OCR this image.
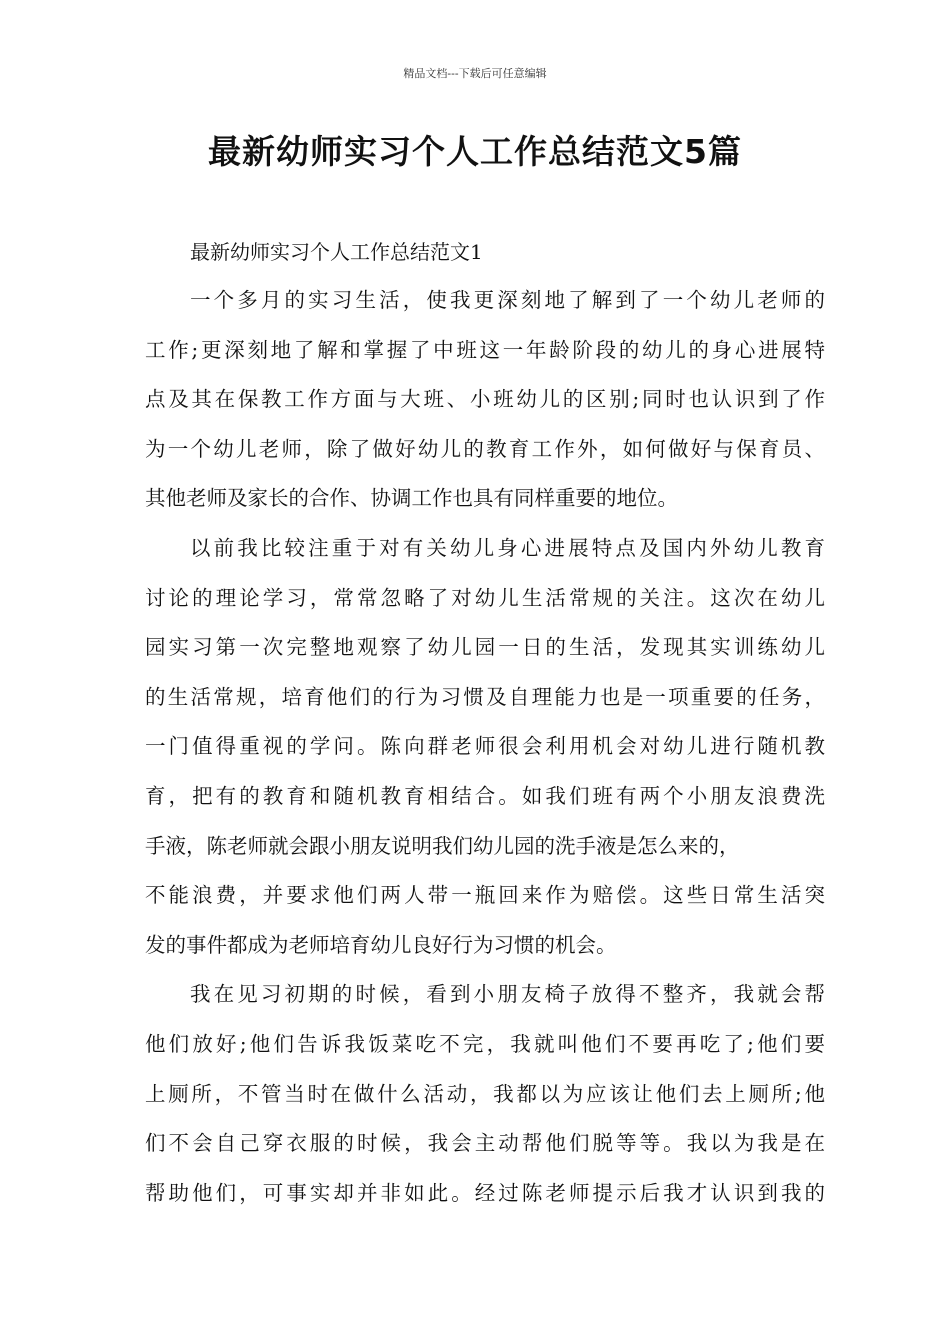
精品文档---下载后可任意编辑
最新幼师实习个人工作总结范文5篇
最新幼师实习个人工作总结范文1

一个多月的实习生活，使我更深刻地了解到了一个幼儿老师的
工作;更深刻地了解和掌握了中班这一年龄阶段的幼儿的身心进展特
点及其在保教工作方面与大班、小班幼儿的区别;同时也认识到了作
为一个幼儿老师，除了做好幼儿的教育工作外，如何做好与保育员、
其他老师及家长的合作、协调工作也具有同样重要的地位。

以前我比较注重于对有关幼儿身心进展特点及国内外幼儿教育
讨论的理论学习，常常忽略了对幼儿生活常规的关注。这次在幼儿
园实习第一次完整地观察了幼儿园一日的生活，发现其实训练幼儿
的生活常规，培育他们的行为习惯及自理能力也是一项重要的任务，
一门值得重视的学问。陈向群老师很会利用机会对幼儿进行随机教
育，把有的教育和随机教育相结合。如我们班有两个小朋友浪费洗
手液，陈老师就会跟小朋友说明我们幼儿园的洗手液是怎么来的，
不能浪费，并要求他们两人带一瓶回来作为赔偿。这些日常生活突
发的事件都成为老师培育幼儿良好行为习惯的机会。

我在见习初期的时候，看到小朋友椅子放得不整齐，我就会帮
他们放好;他们告诉我饭菜吃不完，我就叫他们不要再吃了;他们要
上厕所，不管当时在做什么活动，我都以为应该让他们去上厕所;他
们不会自己穿衣服的时候，我会主动帮他们脱等等。我以为我是在
帮助他们，可事实却并非如此。经过陈老师提示后我才认识到我的
